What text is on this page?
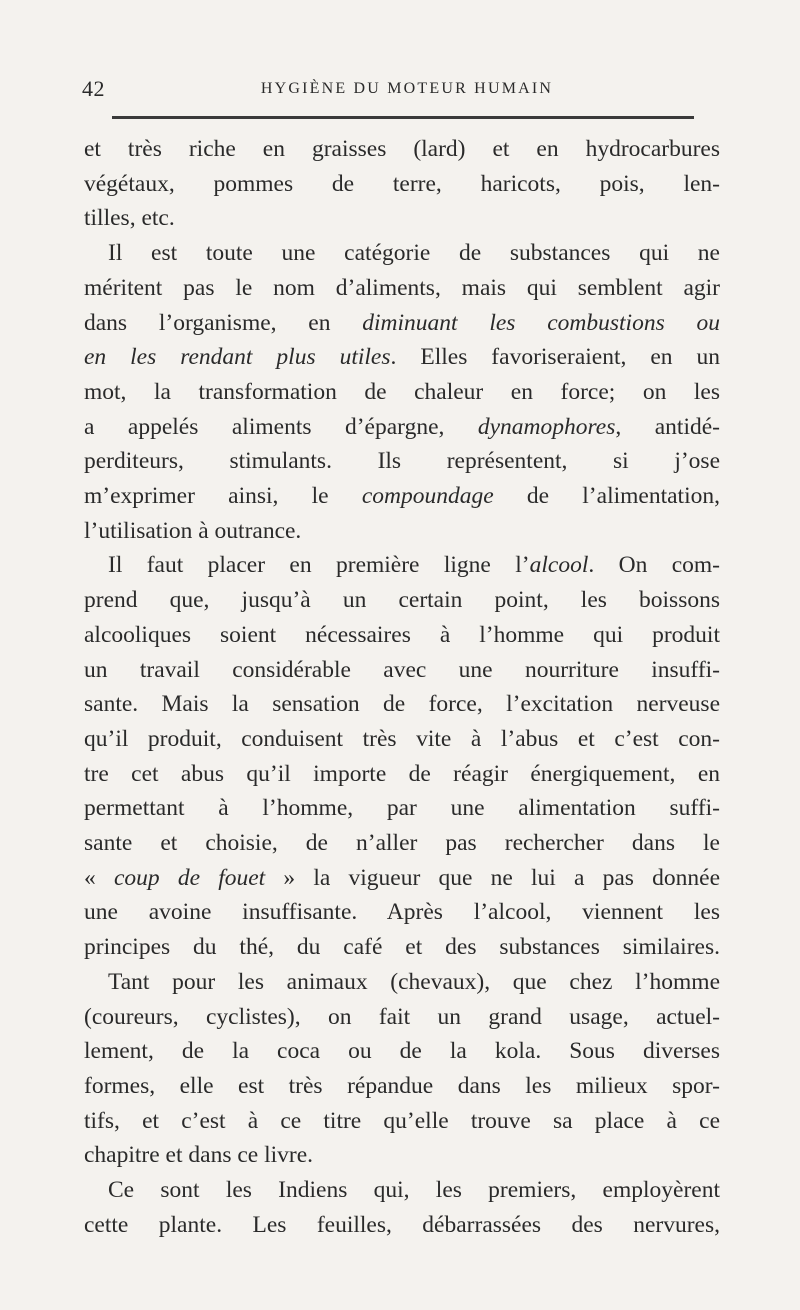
42	HYGIÈNE DU MOTEUR HUMAIN
et très riche en graisses (lard) et en hydrocarbures
végétaux, pommes de terre, haricots, pois, len-
tilles, etc.
Il est toute une catégorie de substances qui ne
méritent pas le nom d’aliments, mais qui semblent agir
dans l’organisme, en diminuant les combustions ou
en les rendant plus utiles. Elles favoriseraient, en un
mot, la transformation de chaleur en force; on les
a appelés aliments d’épargne, dynamophores, antidé-
perditeurs, stimulants. Ils représentent, si j’ose
m’exprimer ainsi, le compoundage de l’alimentation,
l’utilisation à outrance.
Il faut placer en première ligne l’alcool. On com-
prend que, jusqu’à un certain point, les boissons
alcooliques soient nécessaires à l’homme qui produit
un travail considérable avec une nourriture insuffi-
sante. Mais la sensation de force, l’excitation nerveuse
qu’il produit, conduisent très vite à l’abus et c’est con-
tre cet abus qu’il importe de réagir énergiquement, en
permettant à l’homme, par une alimentation suffi-
sante et choisie, de n’aller pas rechercher dans le
« coup de fouet » la vigueur que ne lui a pas donnée
une avoine insuffisante. Après l’alcool, viennent les
principes du thé, du café et des substances similaires.
Tant pour les animaux (chevaux), que chez l’homme
(coureurs, cyclistes), on fait un grand usage, actuel-
lement, de la coca ou de la kola. Sous diverses
formes, elle est très répandue dans les milieux spor-
tifs, et c’est à ce titre qu’elle trouve sa place à ce
chapitre et dans ce livre.
Ce sont les Indiens qui, les premiers, employèrent
cette plante. Les feuilles, débarrassées des nervures,
